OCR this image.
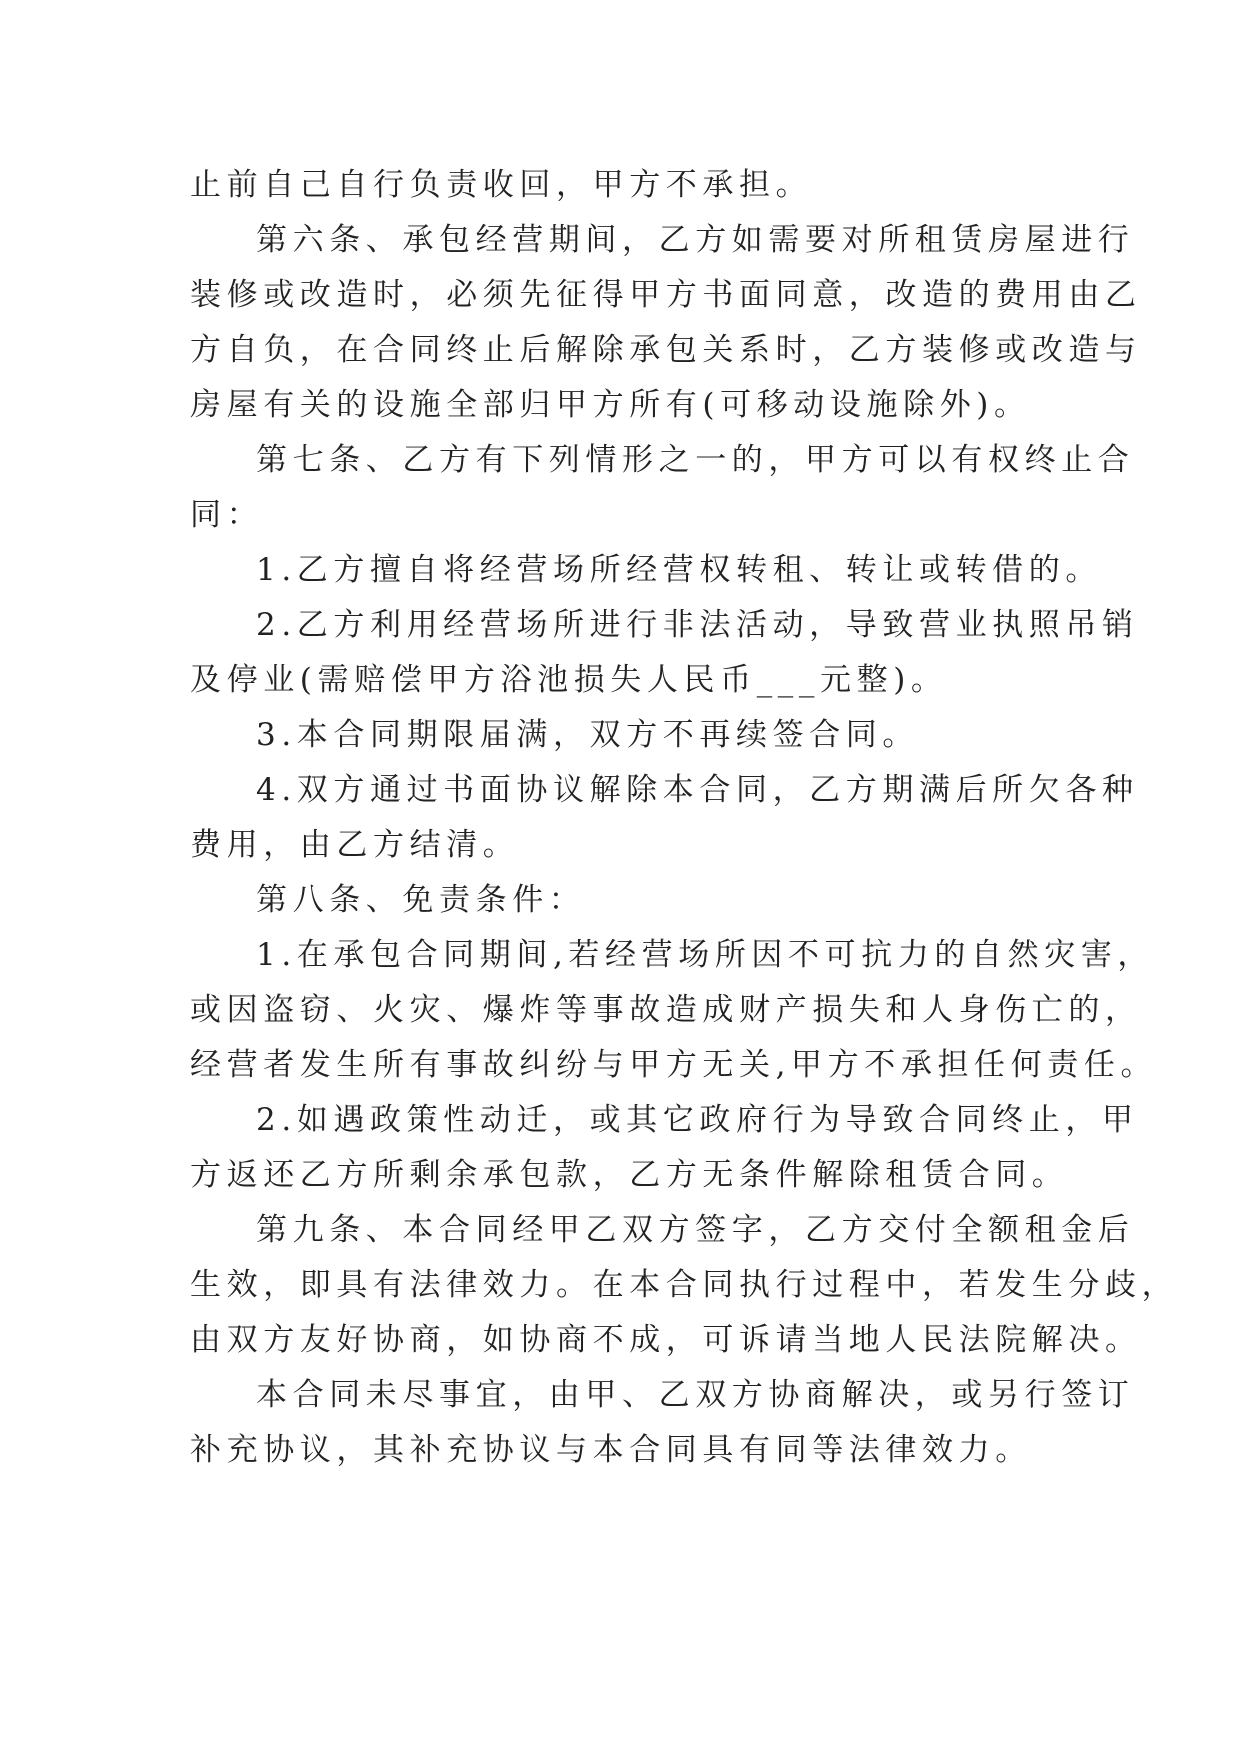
止前自己自行负责收回，甲方不承担。
第六条、承包经营期间，乙方如需要对所租赁房屋进行
装修或改造时，必须先征得甲方书面同意，改造的费用由乙
方自负，在合同终止后解除承包关系时，乙方装修或改造与
房屋有关的设施全部归甲方所有(可移动设施除外)。
第七条、乙方有下列情形之一的，甲方可以有权终止合
同：
1.乙方擅自将经营场所经营权转租、转让或转借的。
2.乙方利用经营场所进行非法活动，导致营业执照吊销
及停业(需赔偿甲方浴池损失人民币___元整)。
3.本合同期限届满，双方不再续签合同。
4.双方通过书面协议解除本合同，乙方期满后所欠各种
费用，由乙方结清。
第八条、免责条件：
1.在承包合同期间,若经营场所因不可抗力的自然灾害，
或因盗窃、火灾、爆炸等事故造成财产损失和人身伤亡的，
经营者发生所有事故纠纷与甲方无关,甲方不承担任何责任。
2.如遇政策性动迁，或其它政府行为导致合同终止，甲
方返还乙方所剩余承包款，乙方无条件解除租赁合同。
第九条、本合同经甲乙双方签字，乙方交付全额租金后
生效，即具有法律效力。在本合同执行过程中，若发生分歧，
由双方友好协商，如协商不成，可诉请当地人民法院解决。
本合同未尽事宜，由甲、乙双方协商解决，或另行签订
补充协议，其补充协议与本合同具有同等法律效力。
